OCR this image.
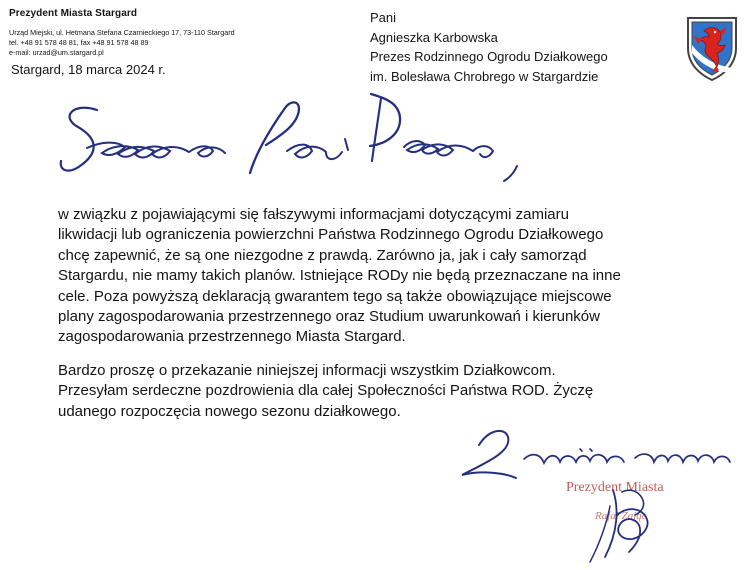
Prezydent Miasta Stargard
Urząd Miejski, ul. Hetmana Stefana Czarnieckiego 17, 73-110 Stargard
tel. +48 91 578 48 81, fax +48 91 578 48 89
e-mail: urzad@um.stargard.pl
Stargard, 18 marca 2024 r.
Pani
Agnieszka Karbowska
Prezes Rodzinnego Ogrodu Działkowego
im. Bolesława Chrobrego w Stargardzie

w związku z pojawiającymi się fałszywymi informacjami dotyczącymi zamiaru
likwidacji lub ograniczenia powierzchni Państwa Rodzinnego Ogrodu Działkowego
chcę zapewnić, że są one niezgodne z prawdą. Zarówno ja, jak i cały samorząd
Stargardu, nie mamy takich planów. Istniejące RODy nie będą przeznaczane na inne
cele. Poza powyższą deklaracją gwarantem tego są także obowiązujące miejscowe
plany zagospodarowania przestrzennego oraz Studium uwarunkowań i kierunków
zagospodarowania przestrzennego Miasta Stargard.

Bardzo proszę o przekazanie niniejszej informacji wszystkim Działkowcom.
Przesyłam serdeczne pozdrowienia dla całej Społeczności Państwa ROD. Życzę
udanego rozpoczęcia nowego sezonu działkowego.

Prezydent Miasta
Rafał Zając
